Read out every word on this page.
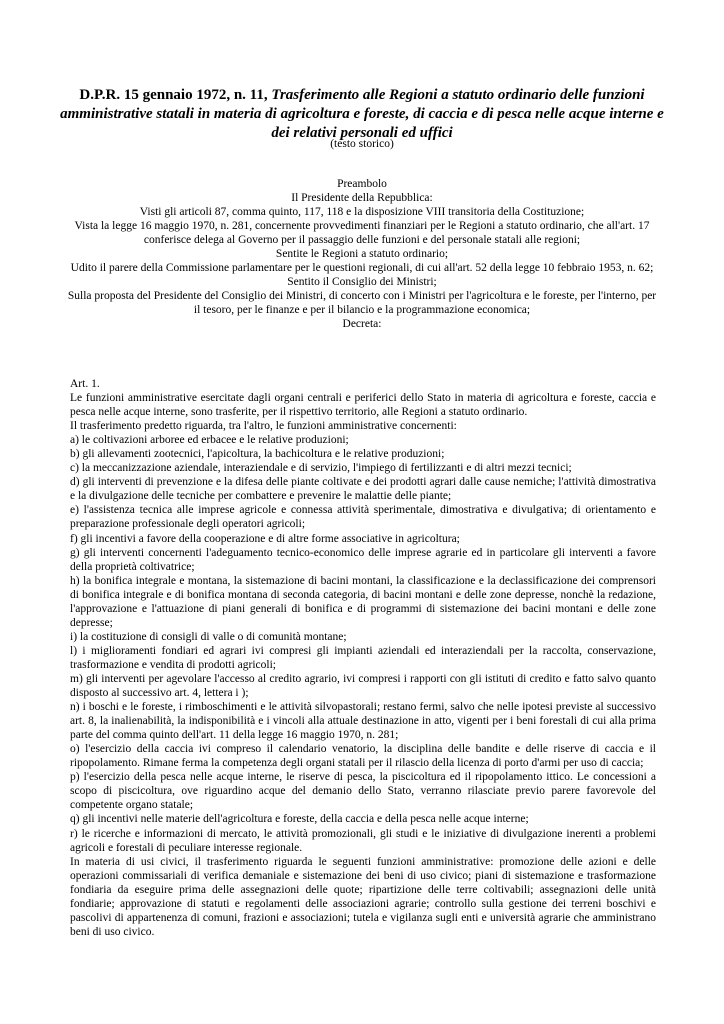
D.P.R. 15 gennaio 1972, n. 11, Trasferimento alle Regioni a statuto ordinario delle funzioni amministrative statali in materia di agricoltura e foreste, di caccia e di pesca nelle acque interne e dei relativi personali ed uffici
(testo storico)

Preambolo

Il Presidente della Repubblica:

Visti gli articoli 87, comma quinto, 117, 118 e la disposizione VIII transitoria della Costituzione;

Vista la legge 16 maggio 1970, n. 281, concernente provvedimenti finanziari per le Regioni a statuto ordinario, che all'art. 17 conferisce delega al Governo per il passaggio delle funzioni e del personale statali alle regioni;

Sentite le Regioni a statuto ordinario;

Udito il parere della Commissione parlamentare per le questioni regionali, di cui all'art. 52 della legge 10 febbraio 1953, n. 62;

Sentito il Consiglio dei Ministri;

Sulla proposta del Presidente del Consiglio dei Ministri, di concerto con i Ministri per l'agricoltura e le foreste, per l'interno, per il tesoro, per le finanze e per il bilancio e la programmazione economica;

Decreta:

Art. 1.

Le funzioni amministrative esercitate dagli organi centrali e periferici dello Stato in materia di agricoltura e foreste, caccia e pesca nelle acque interne, sono trasferite, per il rispettivo territorio, alle Regioni a statuto ordinario.

Il trasferimento predetto riguarda, tra l'altro, le funzioni amministrative concernenti:

a) le coltivazioni arboree ed erbacee e le relative produzioni;

b) gli allevamenti zootecnici, l'apicoltura, la bachicoltura e le relative produzioni;

c) la meccanizzazione aziendale, interaziendale e di servizio, l'impiego di fertilizzanti e di altri mezzi tecnici;

d) gli interventi di prevenzione e la difesa delle piante coltivate e dei prodotti agrari dalle cause nemiche; l'attività dimostrativa e la divulgazione delle tecniche per combattere e prevenire le malattie delle piante;

e) l'assistenza tecnica alle imprese agricole e connessa attività sperimentale, dimostrativa e divulgativa; di orientamento e preparazione professionale degli operatori agricoli;

f) gli incentivi a favore della cooperazione e di altre forme associative in agricoltura;

g) gli interventi concernenti l'adeguamento tecnico-economico delle imprese agrarie ed in particolare gli interventi a favore della proprietà coltivatrice;

h) la bonifica integrale e montana, la sistemazione di bacini montani, la classificazione e la declassificazione dei comprensori di bonifica integrale e di bonifica montana di seconda categoria, di bacini montani e delle zone depresse, nonchè la redazione, l'approvazione e l'attuazione di piani generali di bonifica e di programmi di sistemazione dei bacini montani e delle zone depresse;

i) la costituzione di consigli di valle o di comunità montane;

l) i miglioramenti fondiari ed agrari ivi compresi gli impianti aziendali ed interaziendali per la raccolta, conservazione, trasformazione e vendita di prodotti agricoli;

m) gli interventi per agevolare l'accesso al credito agrario, ivi compresi i rapporti con gli istituti di credito e fatto salvo quanto disposto al successivo art. 4, lettera i );

n) i boschi e le foreste, i rimboschimenti e le attività silvopastorali; restano fermi, salvo che nelle ipotesi previste al successivo art. 8, la inalienabilità, la indisponibilità e i vincoli alla attuale destinazione in atto, vigenti per i beni forestali di cui alla prima parte del comma quinto dell'art. 11 della legge 16 maggio 1970, n. 281;

o) l'esercizio della caccia ivi compreso il calendario venatorio, la disciplina delle bandite e delle riserve di caccia e il ripopolamento. Rimane ferma la competenza degli organi statali per il rilascio della licenza di porto d'armi per uso di caccia;

p) l'esercizio della pesca nelle acque interne, le riserve di pesca, la piscicoltura ed il ripopolamento ittico. Le concessioni a scopo di piscicoltura, ove riguardino acque del demanio dello Stato, verranno rilasciate previo parere favorevole del competente organo statale;

q) gli incentivi nelle materie dell'agricoltura e foreste, della caccia e della pesca nelle acque interne;

r) le ricerche e informazioni di mercato, le attività promozionali, gli studi e le iniziative di divulgazione inerenti a problemi agricoli e forestali di peculiare interesse regionale.

In materia di usi civici, il trasferimento riguarda le seguenti funzioni amministrative: promozione delle azioni e delle operazioni commissariali di verifica demaniale e sistemazione dei beni di uso civico; piani di sistemazione e trasformazione fondiaria da eseguire prima delle assegnazioni delle quote; ripartizione delle terre coltivabili; assegnazioni delle unità fondiarie; approvazione di statuti e regolamenti delle associazioni agrarie; controllo sulla gestione dei terreni boschivi e pascolivi di appartenenza di comuni, frazioni e associazioni; tutela e vigilanza sugli enti e università agrarie che amministrano beni di uso civico.
